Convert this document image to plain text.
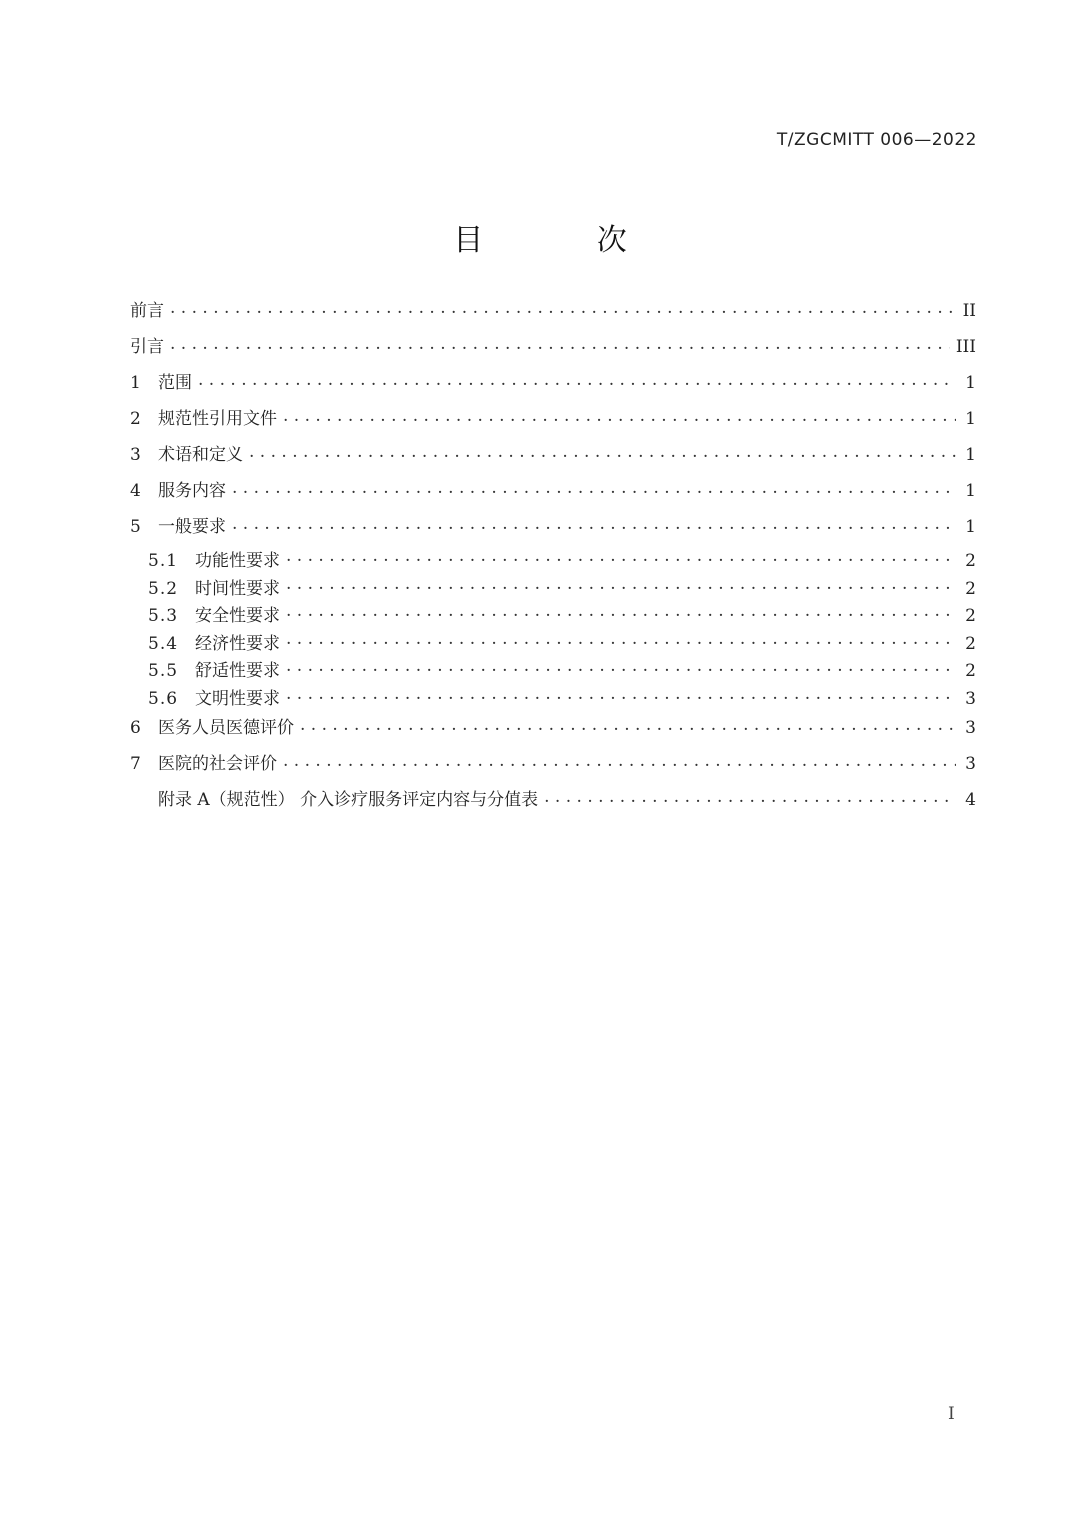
T/ZGCMITT 006—2022
目 次
前言 . . .	II
引言 . . .	III
1	范围 . . .	1
2	规范性引用文件 . . .	1
3	术语和定义 . . .	1
4	服务内容 . . .	1
5	一般要求 . . .	1
5.1 功能性要求 . . .	2
5.2 时间性要求 . . .	2
5.3 安全性要求 . . .	2
5.4 经济性要求 . . .	2
5.5 舒适性要求 . . .	2
5.6 文明性要求 . . .	3
6	医务人员医德评价 . . .	3
7	医院的社会评价 . . .	3
附录 A（规范性） 介入诊疗服务评定内容与分值表 . . .	4
I
